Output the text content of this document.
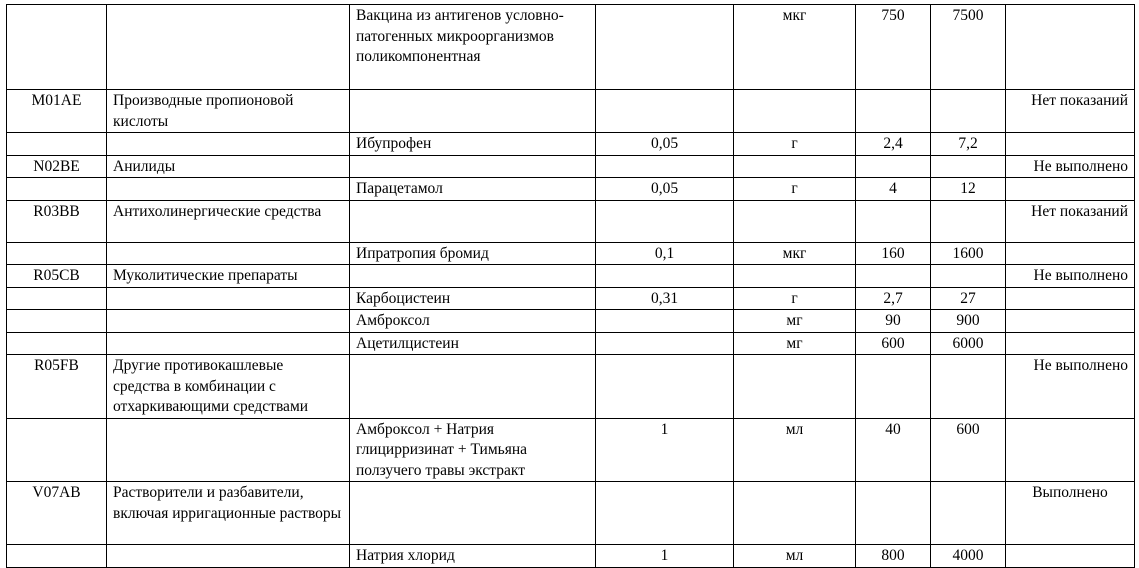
		Вакцина из антигенов условно-патогенных микроорганизмов поликомпонентная		мкг	750	7500	
M01AE	Производные пропионовой кислоты						Нет показаний
		Ибупрофен	0,05	г	2,4	7,2	
N02BE	Анилиды						Не выполнено
		Парацетамол	0,05	г	4	12	
R03BB	Антихолинергические средства						Нет показаний
		Ипратропия бромид	0,1	мкг	160	1600	
R05CB	Муколитические препараты						Не выполнено
		Карбоцистеин	0,31	г	2,7	27	
		Амброксол		мг	90	900	
		Ацетилцистеин		мг	600	6000	
R05FB	Другие противокашлевые средства в комбинации с отхаркивающими средствами						Не выполнено
		Амброксол + Натрия глицирризинат + Тимьяна ползучего травы экстракт	1	мл	40	600	
V07AB	Растворители и разбавители, включая ирригационные растворы						Выполнено
		Натрия хлорид	1	мл	800	4000	
